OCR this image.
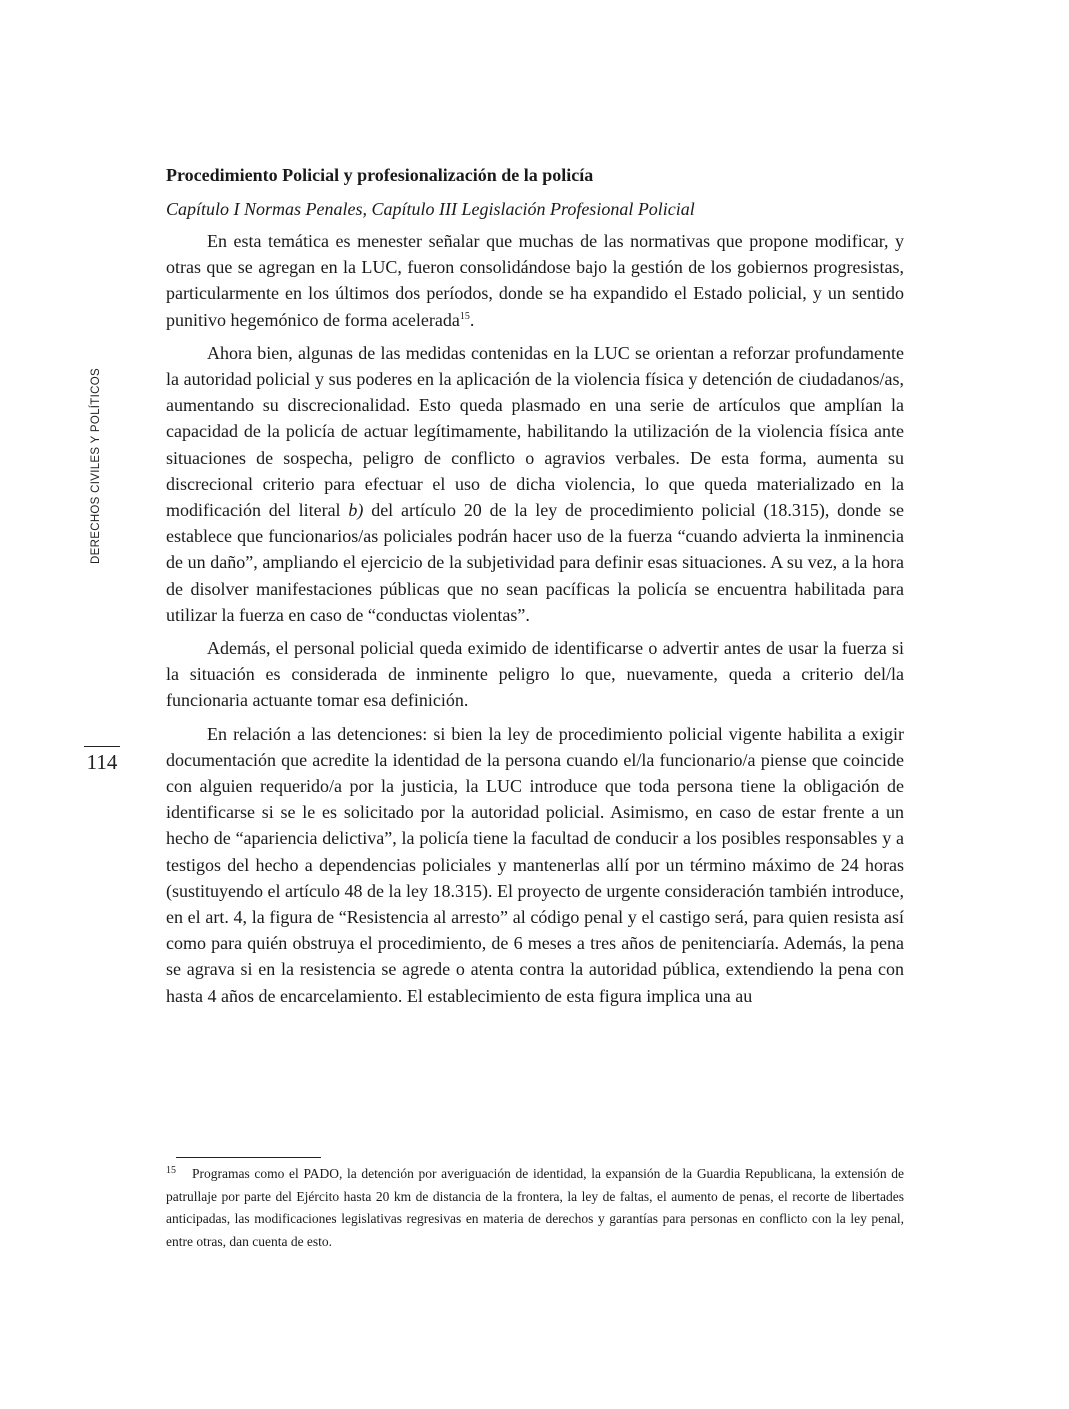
DERECHOS CIVILES Y POLÍTICOS
114

Procedimiento Policial y profesionalización de la policía

Capítulo I Normas Penales, Capítulo III Legislación Profesional Policial

En esta temática es menester señalar que muchas de las normativas que propone modificar, y otras que se agregan en la LUC, fueron consolidándose bajo la gestión de los gobiernos progresistas, particularmente en los últimos dos períodos, donde se ha expandido el Estado policial, y un sentido punitivo hegemónico de forma acelerada$^{15}$.

Ahora bien, algunas de las medidas contenidas en la LUC se orientan a reforzar profundamente la autoridad policial y sus poderes en la aplicación de la violencia física y detención de ciudadanos/as, aumentando su discrecionalidad. Esto queda plasmado en una serie de artículos que amplían la capacidad de la policía de actuar legítimamente, habilitando la utilización de la violencia física ante situaciones de sospecha, peligro de conflicto o agravios verbales. De esta forma, aumenta su discrecional criterio para efectuar el uso de dicha violencia, lo que queda materializado en la modificación del literal b) del artículo 20 de la ley de procedimiento policial (18.315), donde se establece que funcionarios/as policiales podrán hacer uso de la fuerza “cuando advierta la inminencia de un daño”, ampliando el ejercicio de la subjetividad para definir esas situaciones. A su vez, a la hora de disolver manifestaciones públicas que no sean pacíficas la policía se encuentra habilitada para utilizar la fuerza en caso de “conductas violentas”.

Además, el personal policial queda eximido de identificarse o advertir antes de usar la fuerza si la situación es considerada de inminente peligro lo que, nuevamente, queda a criterio del/la funcionaria actuante tomar esa definición.

En relación a las detenciones: si bien la ley de procedimiento policial vigente habilita a exigir documentación que acredite la identidad de la persona cuando el/la funcionario/a piense que coincide con alguien requerido/a por la justicia, la LUC introduce que toda persona tiene la obligación de identificarse si se le es solicitado por la autoridad policial. Asimismo, en caso de estar frente a un hecho de “apariencia delictiva”, la policía tiene la facultad de conducir a los posibles responsables y a testigos del hecho a dependencias policiales y mantenerlas allí por un término máximo de 24 horas (sustituyendo el artículo 48 de la ley 18.315). El proyecto de urgente consideración también introduce, en el art. 4, la figura de “Resistencia al arresto” al código penal y el castigo será, para quien resista así como para quién obstruya el procedimiento, de 6 meses a tres años de penitenciaría. Además, la pena se agrava si en la resistencia se agrede o atenta contra la autoridad pública, extendiendo la pena con hasta 4 años de encarcelamiento. El establecimiento de esta figura implica una au

$^{15}$ Programas como el PADO, la detención por averiguación de identidad, la expansión de la Guardia Republicana, la extensión de patrullaje por parte del Ejército hasta 20 km de distancia de la frontera, la ley de faltas, el aumento de penas, el recorte de libertades anticipadas, las modificaciones legislativas regresivas en materia de derechos y garantías para personas en conflicto con la ley penal, entre otras, dan cuenta de esto.
